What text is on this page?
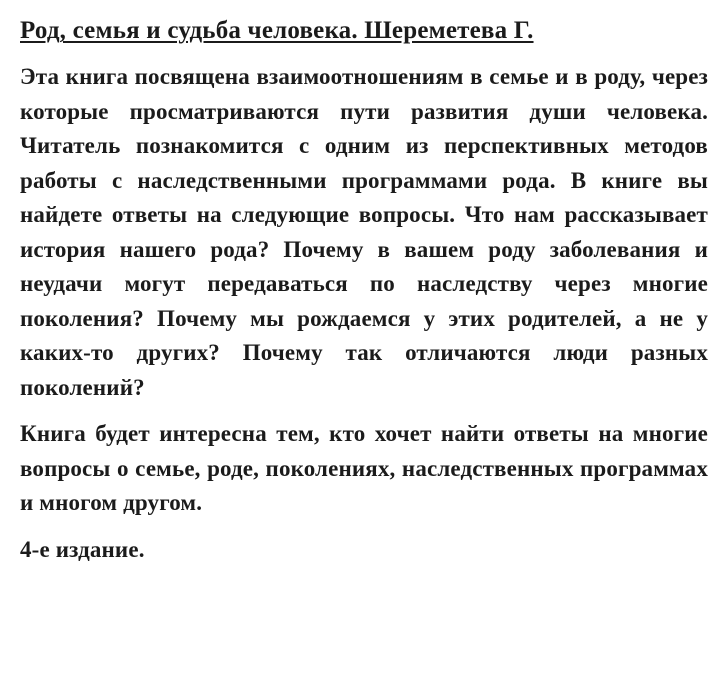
Род, семья и судьба человека. Шереметева Г.

Эта книга посвящена взаимоотношениям в семье и в роду, через которые просматриваются пути развития души человека. Читатель познакомится с одним из перспективных методов работы с наследственными программами рода. В книге вы найдете ответы на следующие вопросы. Что нам рассказывает история нашего рода? Почему в вашем роду заболевания и неудачи могут передаваться по наследству через многие поколения? Почему мы рождаемся у этих родителей, а не у каких-то других? Почему так отличаются люди разных поколений?

Книга будет интересна тем, кто хочет найти ответы на многие вопросы о семье, роде, поколениях, наследственных программах и многом другом.

4-е издание.
